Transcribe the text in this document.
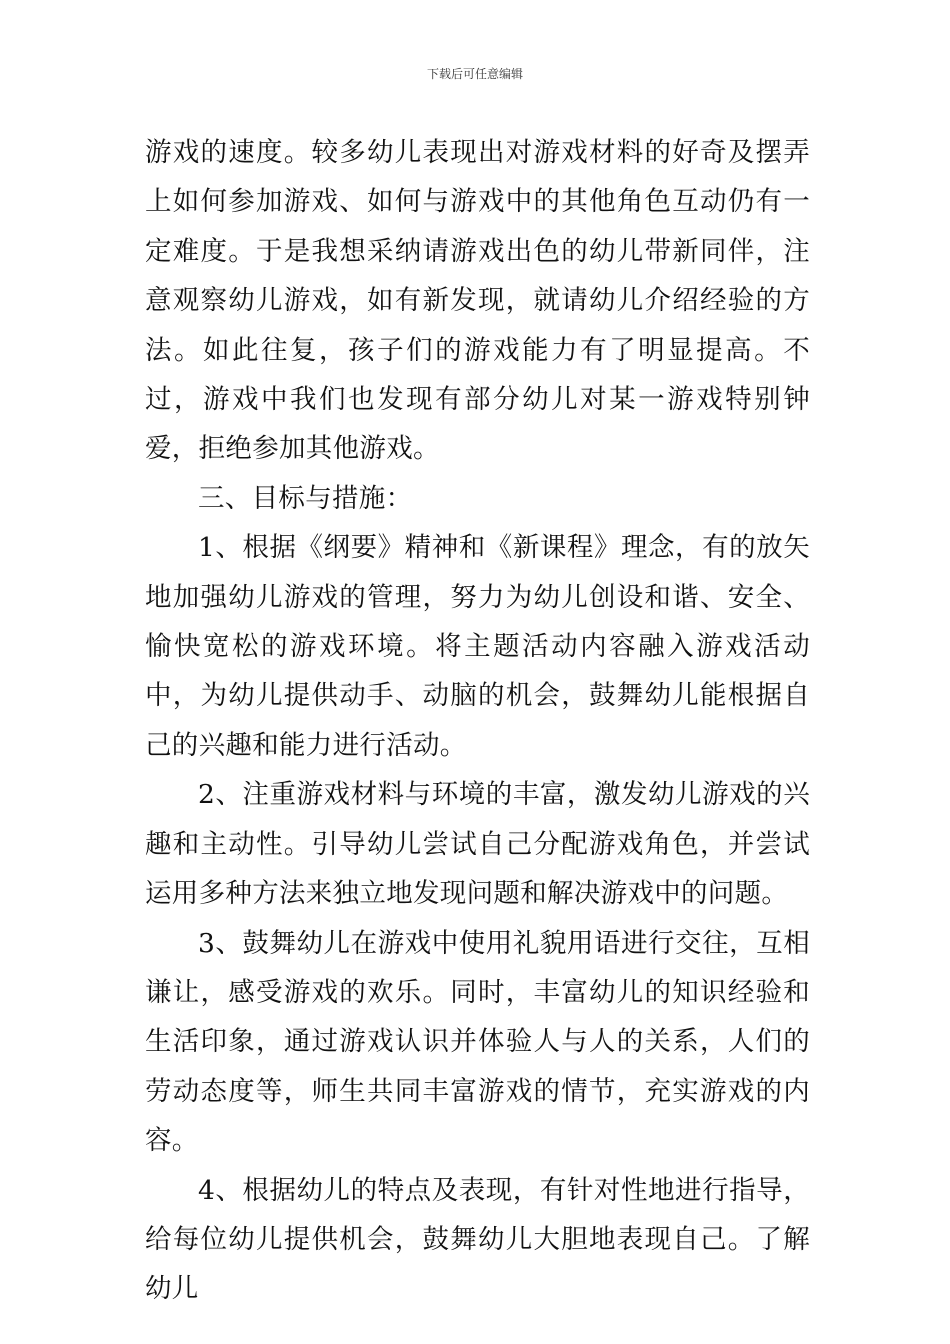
下载后可任意编辑

游戏的速度。较多幼儿表现出对游戏材料的好奇及摆弄上如何参加游戏、如何与游戏中的其他角色互动仍有一定难度。于是我想采纳请游戏出色的幼儿带新同伴，注意观察幼儿游戏，如有新发现，就请幼儿介绍经验的方法。如此往复，孩子们的游戏能力有了明显提高。不过，游戏中我们也发现有部分幼儿对某一游戏特别钟爱，拒绝参加其他游戏。

三、目标与措施：

1、根据《纲要》精神和《新课程》理念，有的放矢地加强幼儿游戏的管理，努力为幼儿创设和谐、安全、愉快宽松的游戏环境。将主题活动内容融入游戏活动中，为幼儿提供动手、动脑的机会，鼓舞幼儿能根据自己的兴趣和能力进行活动。

2、注重游戏材料与环境的丰富，激发幼儿游戏的兴趣和主动性。引导幼儿尝试自己分配游戏角色，并尝试运用多种方法来独立地发现问题和解决游戏中的问题。

3、鼓舞幼儿在游戏中使用礼貌用语进行交往，互相谦让，感受游戏的欢乐。同时，丰富幼儿的知识经验和生活印象，通过游戏认识并体验人与人的关系，人们的劳动态度等，师生共同丰富游戏的情节，充实游戏的内容。

4、根据幼儿的特点及表现，有针对性地进行指导，给每位幼儿提供机会，鼓舞幼儿大胆地表现自己。了解幼儿
